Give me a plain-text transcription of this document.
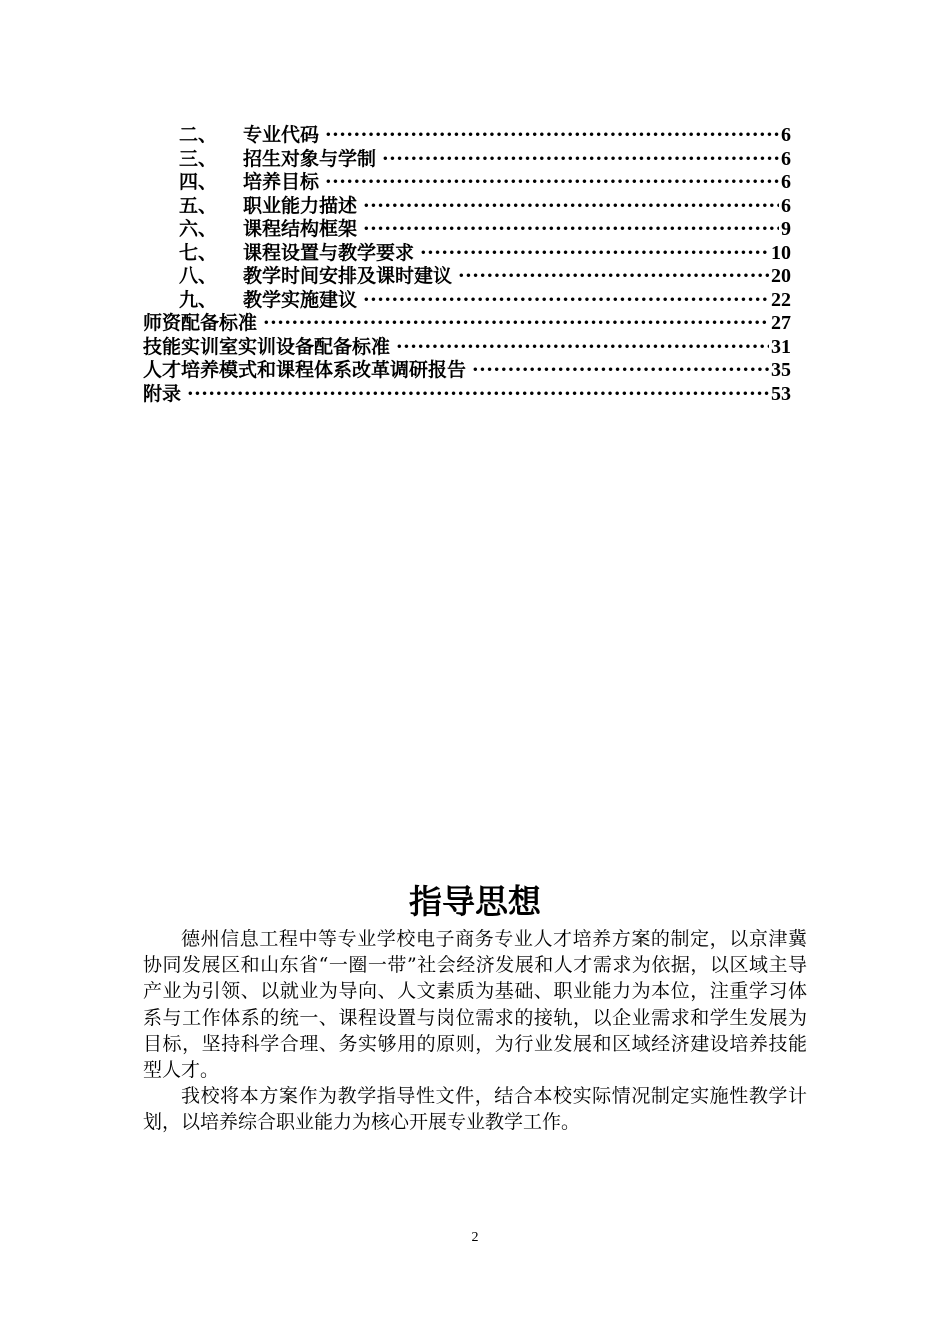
二、	专业代码 ·····	6
三、	招生对象与学制 ·····	6
四、	培养目标 ·····	6
五、	职业能力描述 ·····	6
六、	课程结构框架 ·····	9
七、	课程设置与教学要求 ·····	10
八、	教学时间安排及课时建议 ·····	20
九、	教学实施建议 ·····	22
师资配备标准 ·····	27
技能实训室实训设备配备标准 ·····	31
人才培养模式和课程体系改革调研报告 ·····	35
附录 ·····	53
指导思想

德州信息工程中等专业学校电子商务专业人才培养方案的制定，以京津冀协同发展区和山东省“一圈一带”社会经济发展和人才需求为依据，以区域主导产业为引领、以就业为导向、人文素质为基础、职业能力为本位，注重学习体系与工作体系的统一、课程设置与岗位需求的接轨，以企业需求和学生发展为目标，坚持科学合理、务实够用的原则，为行业发展和区域经济建设培养技能型人才。

我校将本方案作为教学指导性文件，结合本校实际情况制定实施性教学计划，以培养综合职业能力为核心开展专业教学工作。

2
